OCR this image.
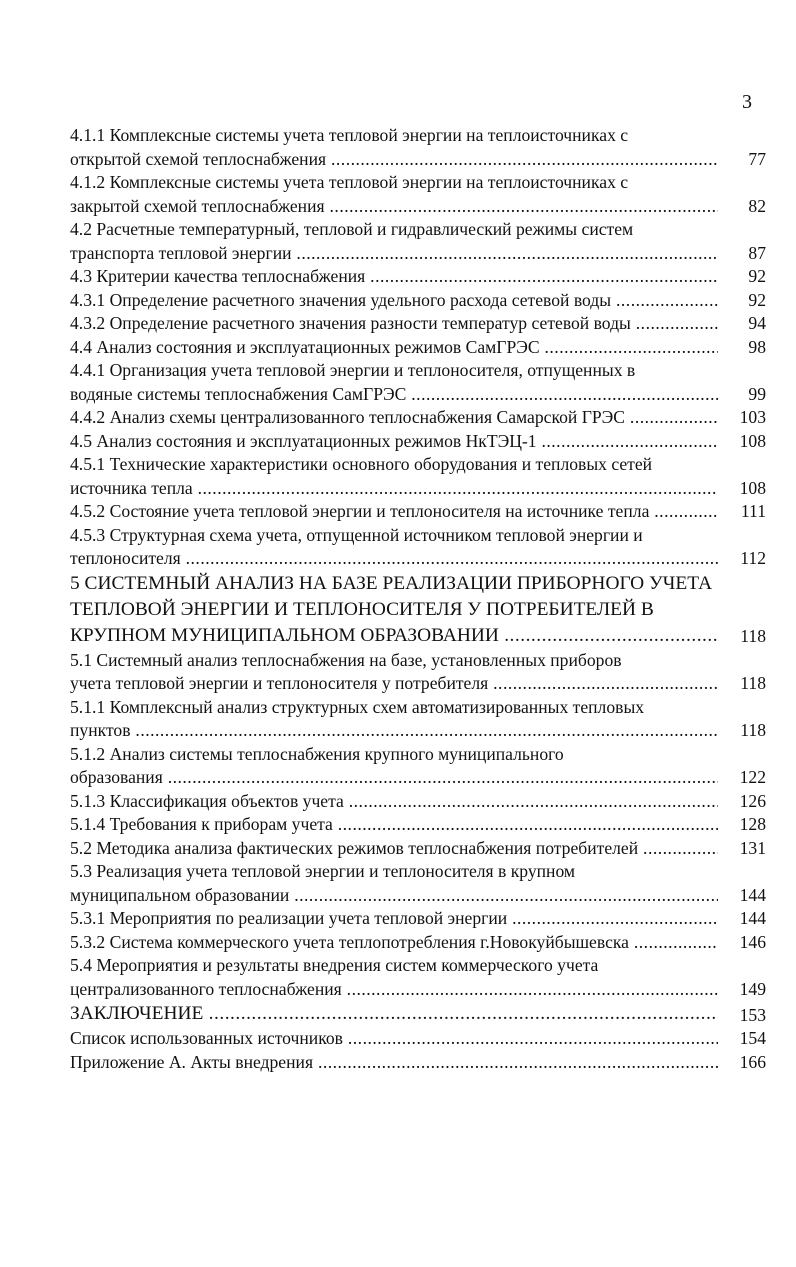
3
4.1.1 Комплексные системы учета тепловой энергии на теплоисточниках с
открытой схемой теплоснабжения .....	77
4.1.2 Комплексные системы учета тепловой энергии на теплоисточниках с
закрытой схемой теплоснабжения .....	82
4.2 Расчетные температурный, тепловой и гидравлический режимы систем
транспорта тепловой энергии .....	87
4.3 Критерии качества теплоснабжения .....	92
4.3.1 Определение расчетного значения удельного расхода сетевой воды .....	92
4.3.2 Определение расчетного значения разности температур сетевой воды .....	94
4.4 Анализ состояния и эксплуатационных режимов СамГРЭС .....	98
4.4.1 Организация учета тепловой энергии и теплоносителя, отпущенных в
водяные системы теплоснабжения СамГРЭС .....	99
4.4.2 Анализ схемы централизованного теплоснабжения Самарской ГРЭС .....	103
4.5 Анализ состояния и эксплуатационных режимов НкТЭЦ-1 .....	108
4.5.1 Технические характеристики основного оборудования и тепловых сетей
источника тепла .....	108
4.5.2 Состояние учета тепловой энергии и теплоносителя на источнике тепла .....	111
4.5.3 Структурная схема учета, отпущенной источником тепловой энергии и
теплоносителя .....	112
5 СИСТЕМНЫЙ АНАЛИЗ НА БАЗЕ РЕАЛИЗАЦИИ ПРИБОРНОГО УЧЕТА
ТЕПЛОВОЙ ЭНЕРГИИ И ТЕПЛОНОСИТЕЛЯ У ПОТРЕБИТЕЛЕЙ В
КРУПНОМ МУНИЦИПАЛЬНОМ ОБРАЗОВАНИИ .....	118
5.1 Системный анализ теплоснабжения на базе, установленных приборов
учета тепловой энергии и теплоносителя у потребителя .....	118
5.1.1 Комплексный анализ структурных схем автоматизированных тепловых
пунктов .....	118
5.1.2 Анализ системы теплоснабжения крупного муниципального
образования .....	122
5.1.3 Классификация объектов учета .....	126
5.1.4 Требования к приборам учета .....	128
5.2 Методика анализа фактических режимов теплоснабжения потребителей .....	131
5.3 Реализация учета тепловой энергии и теплоносителя в крупном
муниципальном образовании .....	144
5.3.1 Мероприятия по реализации учета тепловой энергии .....	144
5.3.2 Система коммерческого учета теплопотребления г.Новокуйбышевска .....	146
5.4 Мероприятия и результаты внедрения систем коммерческого учета
централизованного теплоснабжения .....	149
ЗАКЛЮЧЕНИЕ .....	153
Список использованных источников .....	154
Приложение А. Акты внедрения .....	166
